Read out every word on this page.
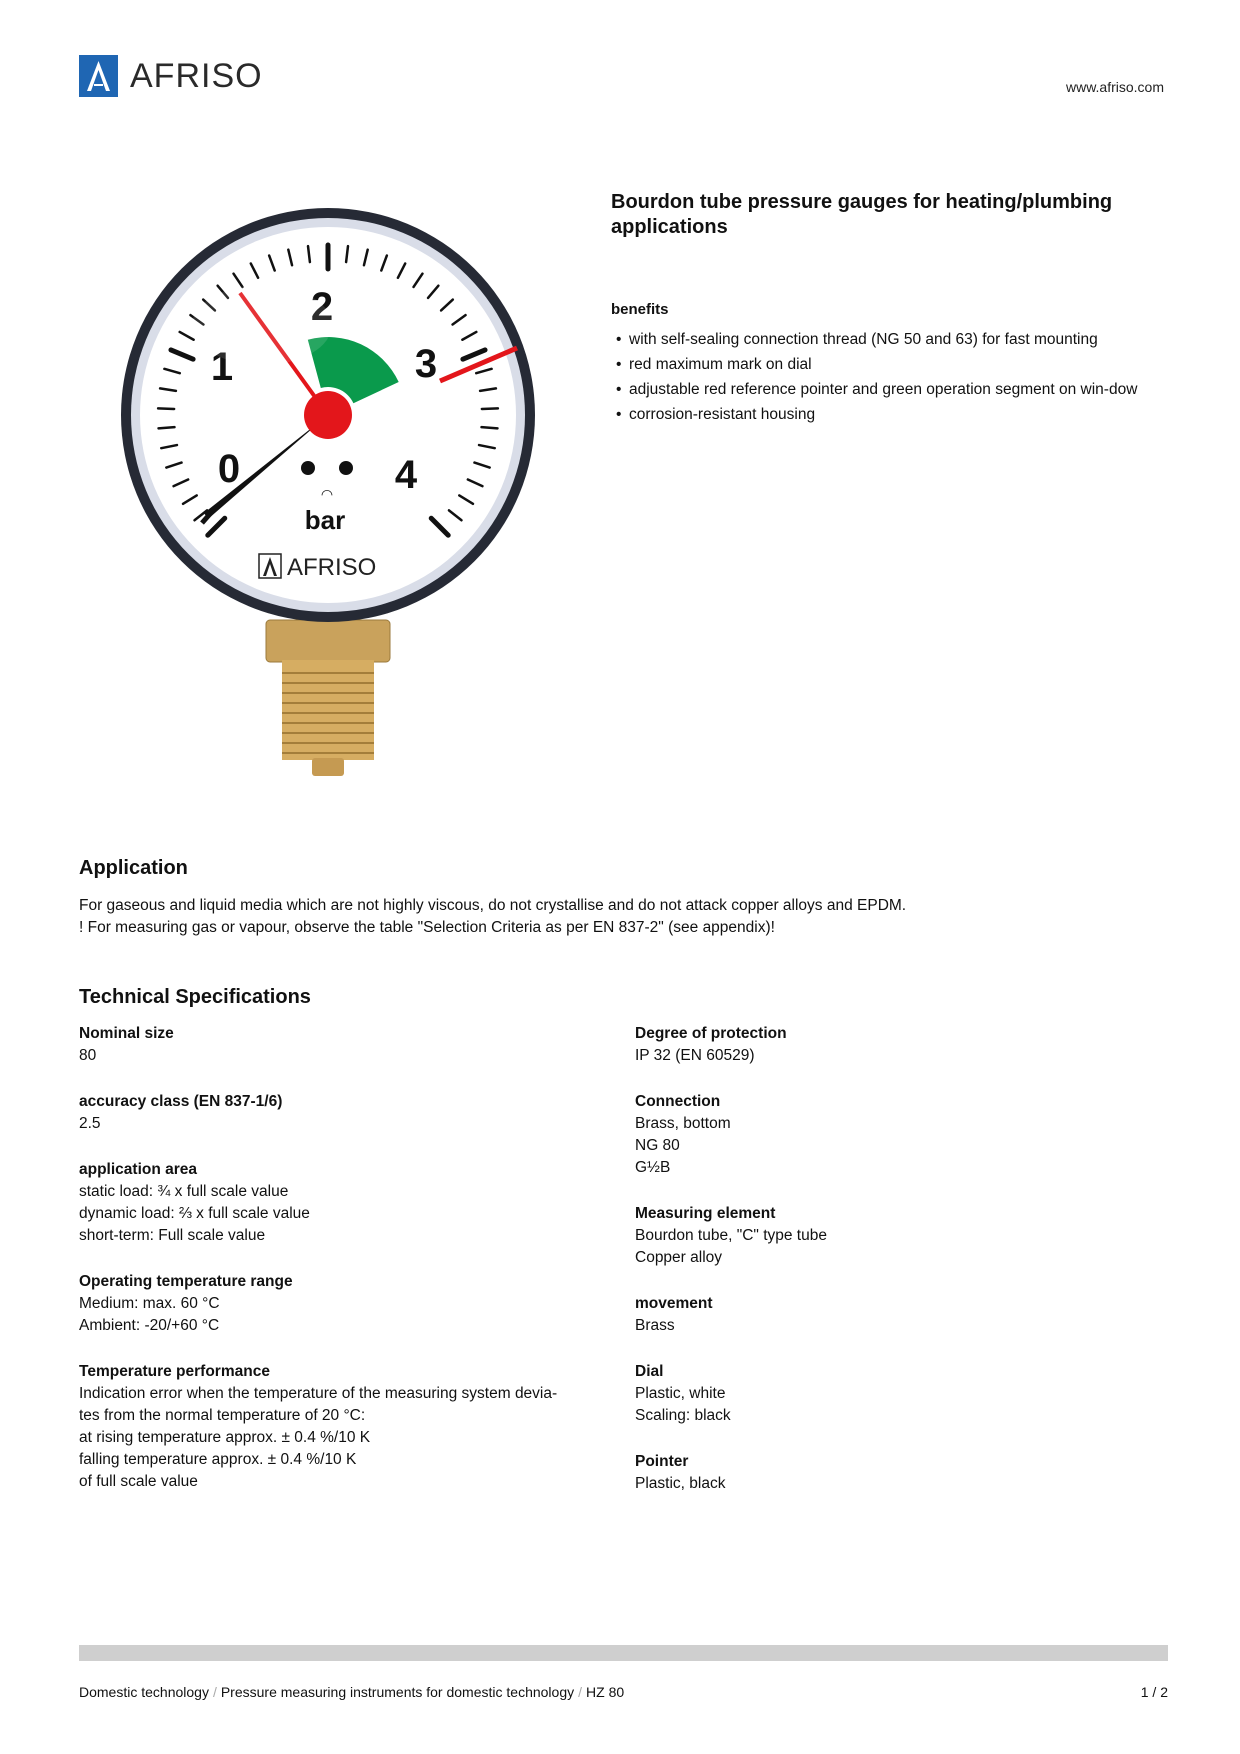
AFRISO	www.afriso.com
0
1
2
3
4
bar
AFRISO
◠
Bourdon tube pressure gauges for heating/plumbing applications
benefits
• with self-sealing connection thread (NG 50 and 63) for fast mounting
• red maximum mark on dial
• adjustable red reference pointer and green operation segment on win-dow
• corrosion-resistant housing
Application
For gaseous and liquid media which are not highly viscous, do not crystallise and do not attack copper alloys and EPDM.
! For measuring gas or vapour, observe the table "Selection Criteria as per EN 837-2" (see appendix)!
Technical Specifications
Nominal size
80
accuracy class (EN 837-1/6)
2.5
application area
static load: ¾ x full scale value
dynamic load: ⅔ x full scale value
short-term: Full scale value
Operating temperature range
Medium: max. 60 °C
Ambient: -20/+60 °C
Temperature performance
Indication error when the temperature of the measuring system devia-
tes from the normal temperature of 20 °C:
at rising temperature approx. ± 0.4 %/10 K
falling temperature approx. ± 0.4 %/10 K
of full scale value
Degree of protection
IP 32 (EN 60529)
Connection
Brass, bottom
NG 80
G½B
Measuring element
Bourdon tube, "C" type tube
Copper alloy
movement
Brass
Dial
Plastic, white
Scaling: black
Pointer
Plastic, black
Domestic technology / Pressure measuring instruments for domestic technology / HZ 80	1 / 2
